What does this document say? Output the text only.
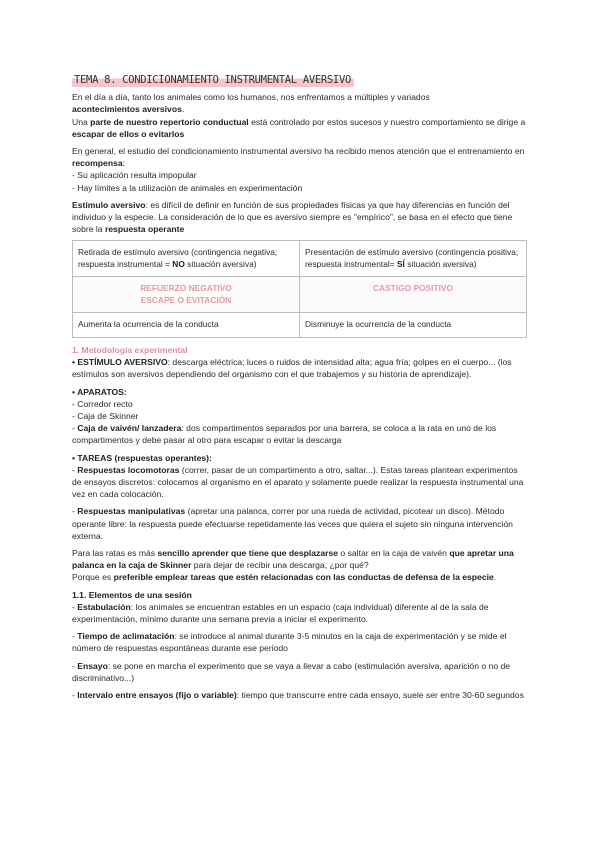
TEMA 8. CONDICIONAMIENTO INSTRUMENTAL AVERSIVO

En el día a día, tanto los animales como los humanos, nos enfrentamos a múltiples y variados
acontecimientos aversivos.
Una parte de nuestro repertorio conductual está controlado por estos sucesos y nuestro comportamiento se dirige a escapar de ellos o evitarlos

En general, el estudio del condicionamiento instrumental aversivo ha recibido menos atención que el entrenamiento en recompensa:
- Su aplicación resulta impopular
- Hay límites a la utilización de animales en experimentación

Estímulo aversivo: es difícil de definir en función de sus propiedades físicas ya que hay diferencias en función del individuo y la especie. La consideración de lo que es aversivo siempre es "empírico", se basa en el efecto que tiene sobre la respuesta operante

Retirada de estímulo aversivo (contingencia negativa; respuesta instrumental = NO situación aversiva)	Presentación de estímulo aversivo (contingencia positiva; respuesta instrumental= SÍ situación aversiva)

REFUERZO NEGATIVO
ESCAPE O EVITACIÓN	CASTIGO POSITIVO
Aumenta la ocurrencia de la conducta	Disminuye la ocurrencia de la conducta

1. Metodología experimental

• ESTÍMULO AVERSIVO: descarga eléctrica; luces o ruidos de intensidad alta; agua fría; golpes en el cuerpo... (los estímulos son aversivos dependiendo del organismo con el que trabajemos y su historia de aprendizaje).

• APARATOS:
- Corredor recto
- Caja de Skinner
- Caja de vaivén/ lanzadera: dos compartimentos separados por una barrera, se coloca a la rata en uno de los compartimentos y debe pasar al otro para escapar o evitar la descarga

• TAREAS (respuestas operantes):
- Respuestas locomotoras (correr, pasar de un compartimento a otro, saltar...). Estas tareas plantean experimentos de ensayos discretos: colocamos al organismo en el aparato y solamente puede realizar la respuesta instrumental una vez en cada colocación.

- Respuestas manipulativas (apretar una palanca, correr por una rueda de actividad, picotear un disco). Método operante libre: la respuesta puede efectuarse repetidamente las veces que quiera el sujeto sin ninguna intervención externa.

Para las ratas es más sencillo aprender que tiene que desplazarse o saltar en la caja de vaivén que apretar una palanca en la caja de Skinner para dejar de recibir una descarga, ¿por qué?
Porque es preferible emplear tareas que estén relacionadas con las conductas de defensa de la especie.

1.1. Elementos de una sesión

- Estabulación: los animales se encuentran estables en un espacio (caja individual) diferente al de la sala de experimentación, mínimo durante una semana previa a iniciar el experimento.

- Tiempo de aclimatación: se introduce al animal durante 3-5 minutos en la caja de experimentación y se mide el número de respuestas espontáneas durante ese periodo

- Ensayo: se pone en marcha el experimento que se vaya a llevar a cabo (estimulación aversiva, aparición o no de discriminativo...)

- Intervalo entre ensayos (fijo o variable): tiempo que transcurre entre cada ensayo, suele ser entre 30-60 segundos
